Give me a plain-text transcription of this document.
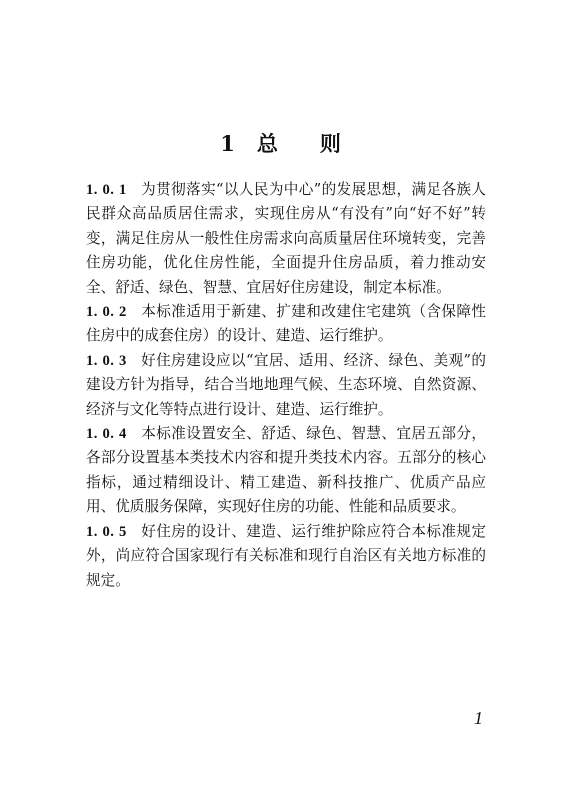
1 总 则

1. 0. 1 为贯彻落实“以人民为中心”的发展思想，满足各族人民群众高品质居住需求，实现住房从“有没有”向“好不好”转变，满足住房从一般性住房需求向高质量居住环境转变，完善住房功能，优化住房性能，全面提升住房品质，着力推动安全、舒适、绿色、智慧、宜居好住房建设，制定本标准。

1. 0. 2 本标准适用于新建、扩建和改建住宅建筑（含保障性住房中的成套住房）的设计、建造、运行维护。

1. 0. 3 好住房建设应以“宜居、适用、经济、绿色、美观”的建设方针为指导，结合当地地理气候、生态环境、自然资源、经济与文化等特点进行设计、建造、运行维护。

1. 0. 4 本标准设置安全、舒适、绿色、智慧、宜居五部分，各部分设置基本类技术内容和提升类技术内容。五部分的核心指标，通过精细设计、精工建造、新科技推广、优质产品应用、优质服务保障，实现好住房的功能、性能和品质要求。

1. 0. 5 好住房的设计、建造、运行维护除应符合本标准规定外，尚应符合国家现行有关标准和现行自治区有关地方标准的规定。

1
